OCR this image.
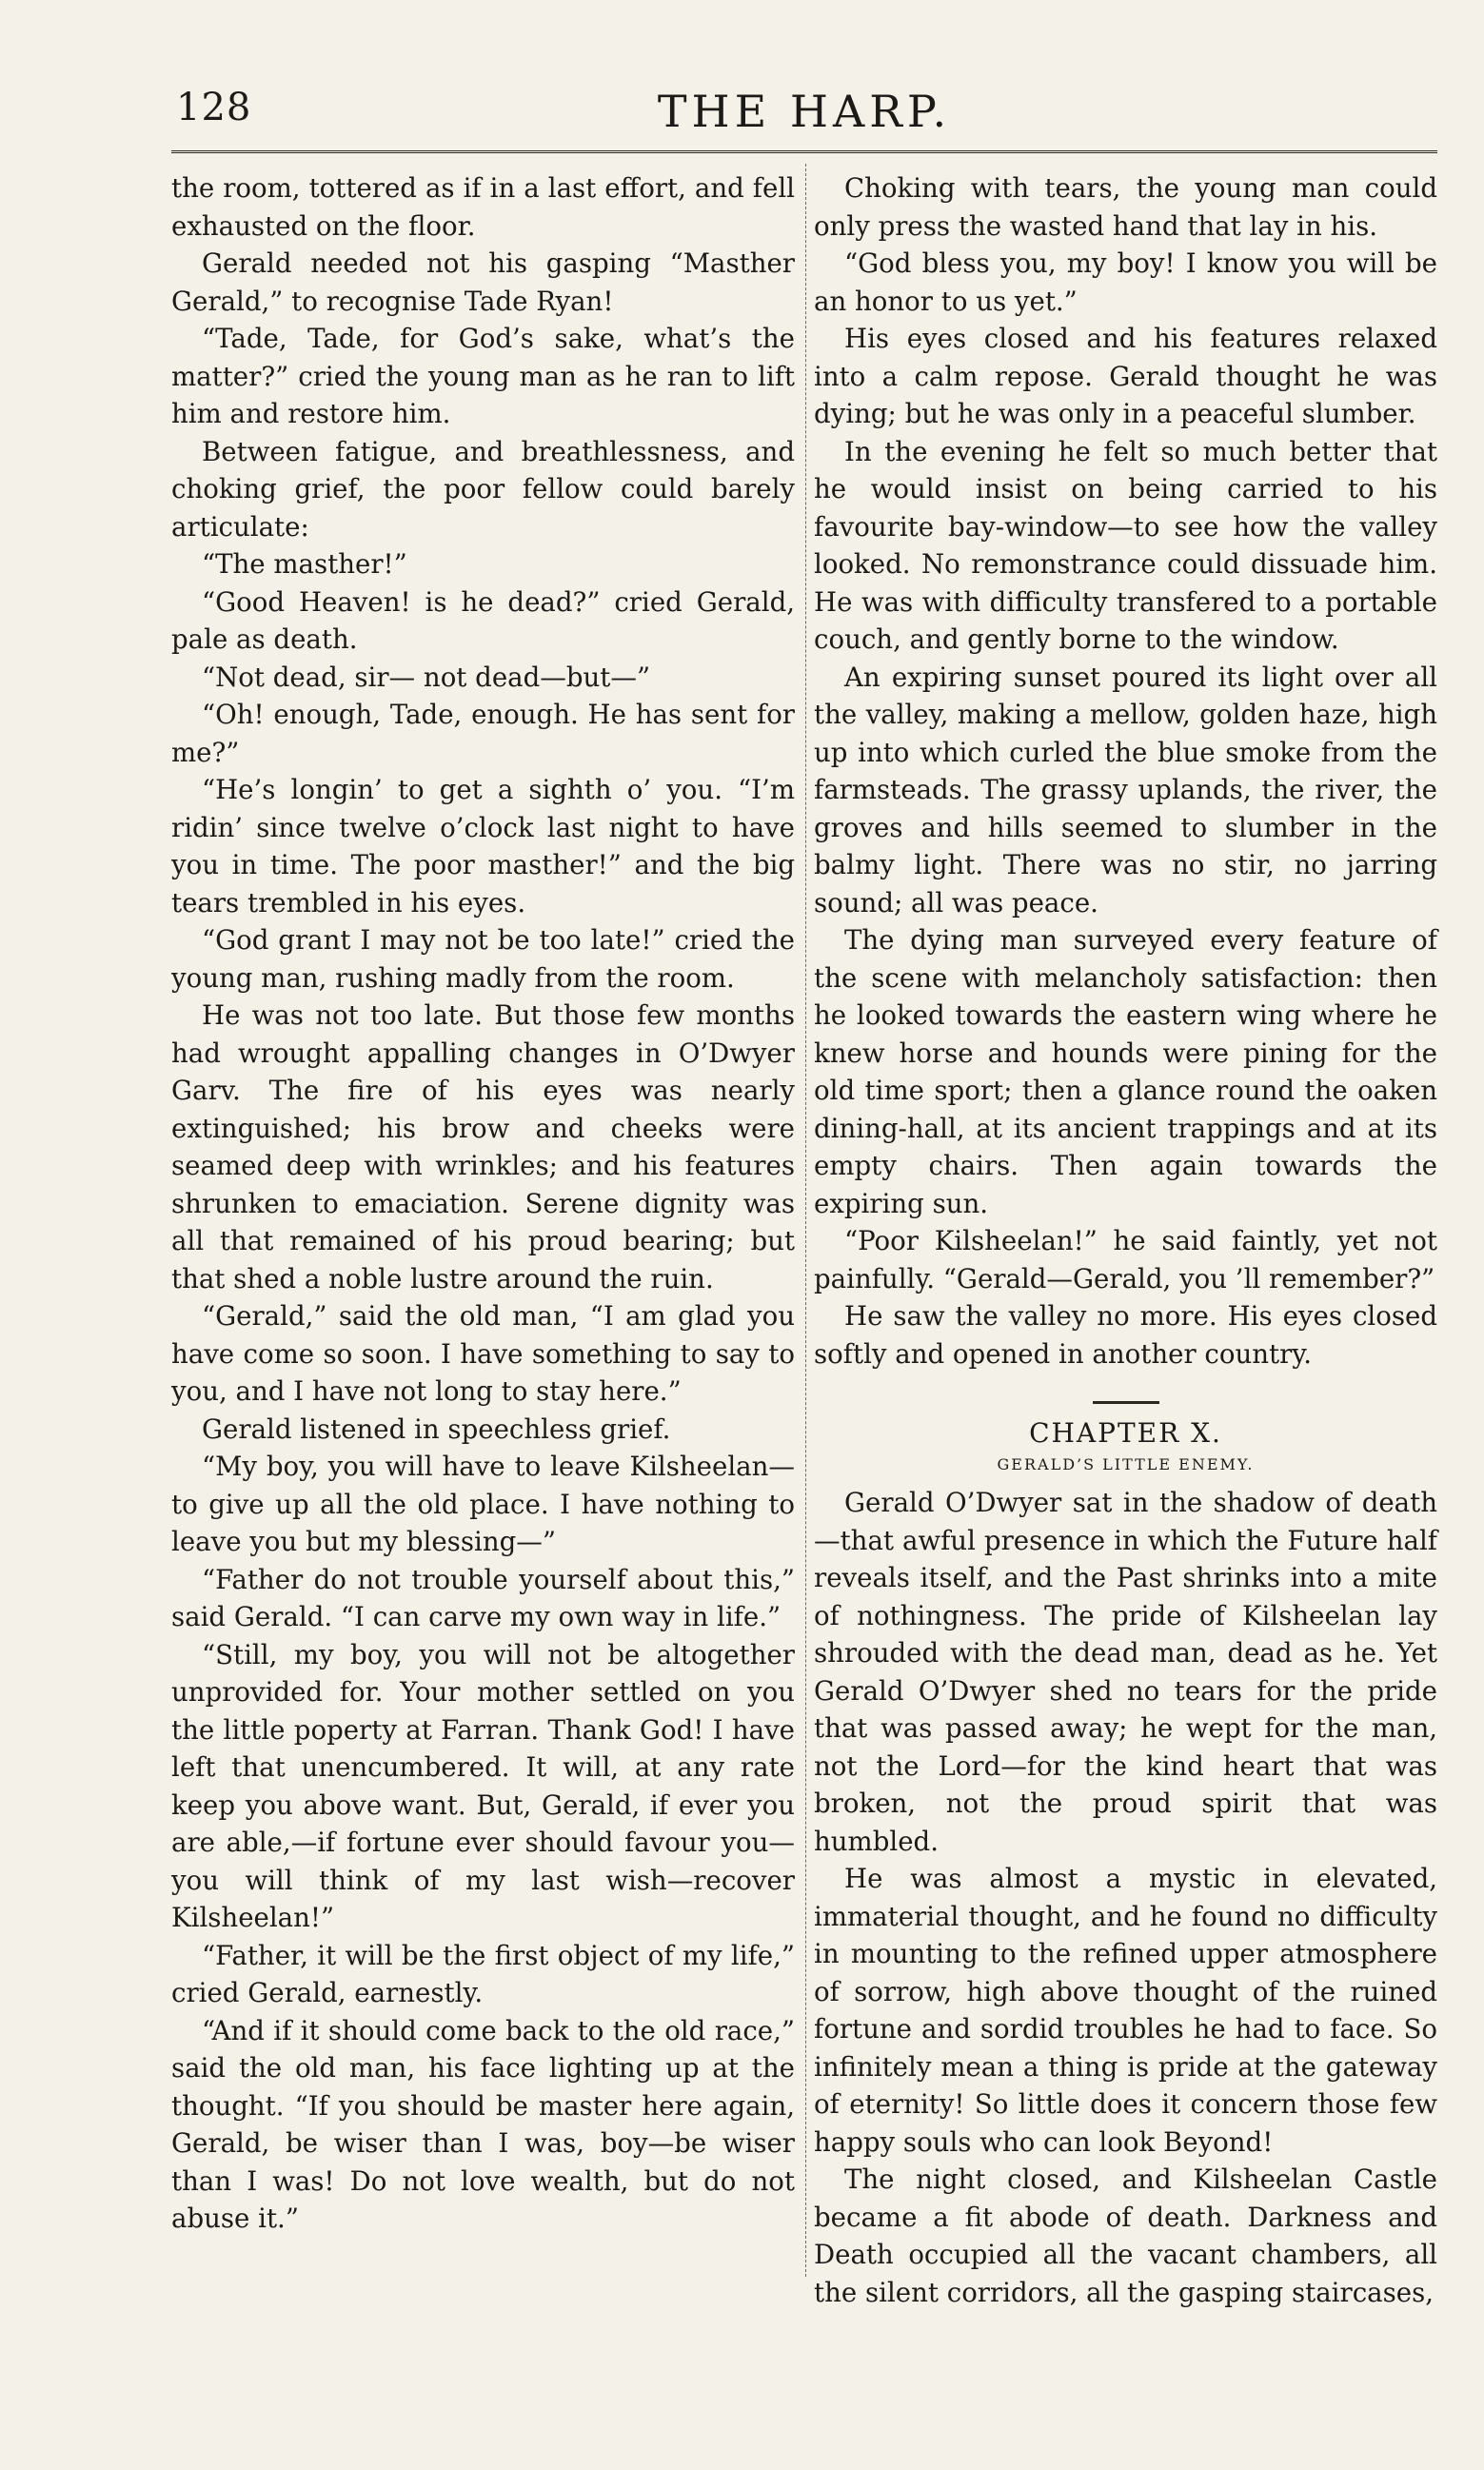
128	THE HARP.

the room, tottered as if in a last effort, and fell exhausted on the floor.

Gerald needed not his gasping “Masther Gerald,” to recognise Tade Ryan!

“Tade, Tade, for God’s sake, what’s the matter?” cried the young man as he ran to lift him and restore him.

Between fatigue, and breathlessness, and choking grief, the poor fellow could barely articulate:

“The masther!”

“Good Heaven! is he dead?” cried Gerald, pale as death.

“Not dead, sir— not dead—but—”

“Oh! enough, Tade, enough. He has sent for me?”

“He’s longin’ to get a sighth o’ you. “I’m ridin’ since twelve o’clock last night to have you in time. The poor masther!” and the big tears trembled in his eyes.

“God grant I may not be too late!” cried the young man, rushing madly from the room.

He was not too late. But those few months had wrought appalling changes in O’Dwyer Garv. The fire of his eyes was nearly extinguished; his brow and cheeks were seamed deep with wrinkles; and his features shrunken to emaciation. Serene dignity was all that remained of his proud bearing; but that shed a noble lustre around the ruin.

“Gerald,” said the old man, “I am glad you have come so soon. I have something to say to you, and I have not long to stay here.”

Gerald listened in speechless grief.

“My boy, you will have to leave Kilsheelan—to give up all the old place. I have nothing to leave you but my blessing—”

“Father do not trouble yourself about this,” said Gerald. “I can carve my own way in life.”

“Still, my boy, you will not be altogether unprovided for. Your mother settled on you the little poperty at Farran. Thank God! I have left that unencumbered. It will, at any rate keep you above want. But, Gerald, if ever you are able,—if fortune ever should favour you—you will think of my last wish—recover Kilsheelan!”

“Father, it will be the first object of my life,” cried Gerald, earnestly.

“And if it should come back to the old race,” said the old man, his face lighting up at the thought. “If you should be master here again, Gerald, be wiser than I was, boy—be wiser than I was! Do not love wealth, but do not abuse it.”

Choking with tears, the young man could only press the wasted hand that lay in his.

“God bless you, my boy! I know you will be an honor to us yet.”

His eyes closed and his features relaxed into a calm repose. Gerald thought he was dying; but he was only in a peaceful slumber.

In the evening he felt so much better that he would insist on being carried to his favourite bay-window—to see how the valley looked. No remonstrance could dissuade him. He was with difficulty transfered to a portable couch, and gently borne to the window.

An expiring sunset poured its light over all the valley, making a mellow, golden haze, high up into which curled the blue smoke from the farmsteads. The grassy uplands, the river, the groves and hills seemed to slumber in the balmy light. There was no stir, no jarring sound; all was peace.

The dying man surveyed every feature of the scene with melancholy satisfaction: then he looked towards the eastern wing where he knew horse and hounds were pining for the old time sport; then a glance round the oaken dining-hall, at its ancient trappings and at its empty chairs. Then again towards the expiring sun.

“Poor Kilsheelan!” he said faintly, yet not painfully. “Gerald—Gerald, you ’ll remember?”

He saw the valley no more. His eyes closed softly and opened in another country.

CHAPTER X.

GERALD’S LITTLE ENEMY.

Gerald O’Dwyer sat in the shadow of death—that awful presence in which the Future half reveals itself, and the Past shrinks into a mite of nothingness. The pride of Kilsheelan lay shrouded with the dead man, dead as he. Yet Gerald O’Dwyer shed no tears for the pride that was passed away; he wept for the man, not the Lord—for the kind heart that was broken, not the proud spirit that was humbled.

He was almost a mystic in elevated, immaterial thought, and he found no difficulty in mounting to the refined upper atmosphere of sorrow, high above thought of the ruined fortune and sordid troubles he had to face. So infinitely mean a thing is pride at the gateway of eternity! So little does it concern those few happy souls who can look Beyond!

The night closed, and Kilsheelan Castle became a fit abode of death. Darkness and Death occupied all the vacant chambers, all the silent corridors, all the gasping staircases,
